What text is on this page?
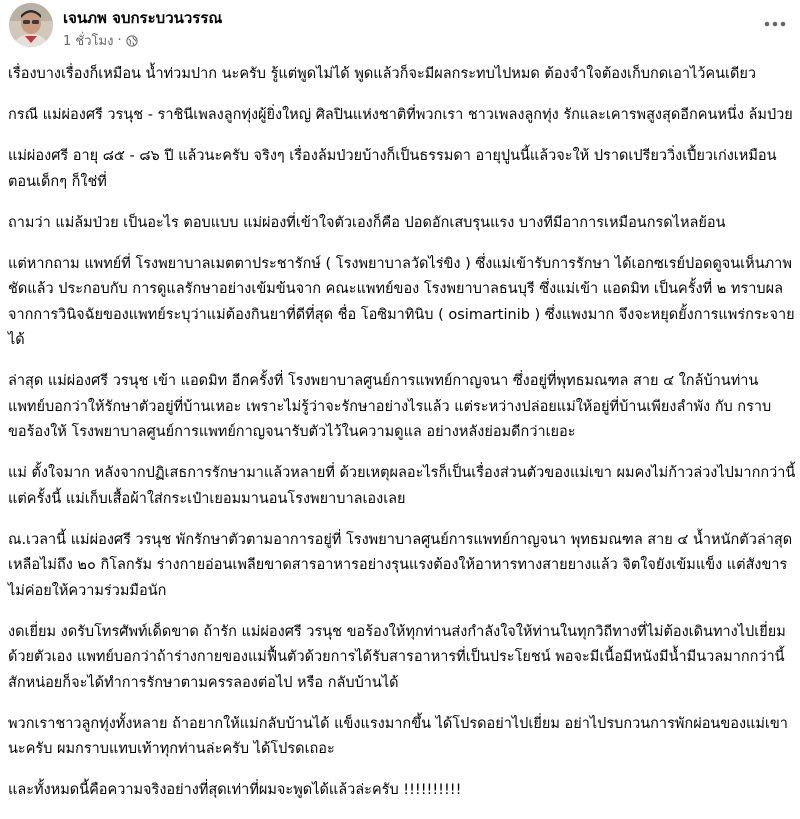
เจนภพ จบกระบวนวรรณ
1 ชั่วโมง ·

เรื่องบางเรื่องก็เหมือน น้ำท่วมปาก นะครับ รู้แต่พูดไม่ได้ พูดแล้วก็จะมีผลกระทบไปหมด ต้องจำใจต้องเก็บกดเอาไว้คนเดียว

กรณี แม่ผ่องศรี วรนุช - ราชินีเพลงลูกทุ่งผู้ยิ่งใหญ่ ศิลปินแห่งชาติที่พวกเรา ชาวเพลงลูกทุ่ง รักและเคารพสูงสุดอีกคนหนึ่ง ล้มป่วย

แม่ผ่องศรี อายุ ๘๕ - ๘๖ ปี แล้วนะครับ จริงๆ เรื่องล้มป่วยบ้างก็เป็นธรรมดา อายุปูนนี้แล้วจะให้ ปราดเปรียววิ่งเปี้ยวเก่งเหมือนตอนเด็กๆ ก็ใช่ที่

ถามว่า แม่ล้มป่วย เป็นอะไร ตอบแบบ แม่ผ่องที่เข้าใจตัวเองก็คือ ปอดอักเสบรุนแรง บางทีมีอาการเหมือนกรดไหลย้อน

แต่หากถาม แพทย์ที่ โรงพยาบาลเมตตาประชารักษ์ ( โรงพยาบาลวัดไร่ขิง ) ซึ่งแม่เข้ารับการรักษา ได้เอกซเรย์ปอดดูจนเห็นภาพชัดแล้ว ประกอบกับ การดูแลรักษาอย่างเข้มข้นจาก คณะแพทย์ของ โรงพยาบาลธนบุรี ซึ่งแม่เข้า แอดมิท เป็นครั้งที่ ๒ ทราบผลจากการวินิจฉัยของแพทย์ระบุว่าแม่ต้องกินยาที่ดีที่สุด ชื่อ โอซิมาทินิบ ( osimartinib ) ซึ่งแพงมาก จึงจะหยุดยั้งการแพร่กระจายได้

ล่าสุด แม่ผ่องศรี วรนุช เข้า แอดมิท อีกครั้งที่ โรงพยาบาลศูนย์การแพทย์กาญจนา ซึ่งอยู่ที่พุทธมณฑล สาย ๔ ใกล้บ้านท่าน แพทย์บอกว่าให้รักษาตัวอยู่ที่บ้านเหอะ เพราะไม่รู้ว่าจะรักษาอย่างไรแล้ว แต่ระหว่างปล่อยแม่ให้อยู่ที่บ้านเพียงลำพัง กับ กราบขอร้องให้ โรงพยาบาลศูนย์การแพทย์กาญจนารับตัวไว้ในความดูแล อย่างหลังย่อมดีกว่าเยอะ

แม่ ตั้งใจมาก หลังจากปฏิเสธการรักษามาแล้วหลายที่ ด้วยเหตุผลอะไรก็เป็นเรื่องส่วนตัวของแม่เขา ผมคงไม่ก้าวล่วงไปมากกว่านี้ แต่ครั้งนี้ แม่เก็บเสื้อผ้าใส่กระเป๋าเยอมมานอนโรงพยาบาลเองเลย

ณ.เวลานี้ แม่ผ่องศรี วรนุช พักรักษาตัวตามอาการอยู่ที่ โรงพยาบาลศูนย์การแพทย์กาญจนา พุทธมณฑล สาย ๔ น้ำหนักตัวล่าสุดเหลือไม่ถึง ๒๐ กิโลกรัม ร่างกายอ่อนเพลียขาดสารอาหารอย่างรุนแรงต้องให้อาหารทางสายยางแล้ว จิตใจยังเข้มแข็ง แต่สังขารไม่ค่อยให้ความร่วมมือนัก

งดเยี่ยม งดรับโทรศัพท์เด็ดขาด ถ้ารัก แม่ผ่องศรี วรนุช ขอร้องให้ทุกท่านส่งกำลังใจให้ท่านในทุกวิถีทางที่ไม่ต้องเดินทางไปเยี่ยมด้วยตัวเอง แพทย์บอกว่าถ้าร่างกายของแม่ฟื้นตัวด้วยการได้รับสารอาหารที่เป็นประโยชน์ พอจะมีเนื้อมีหนังมีน้ำมีนวลมากกว่านี้สักหน่อยก็จะได้ทำการรักษาตามครรลองต่อไป หรือ กลับบ้านได้

พวกเราชาวลูกทุ่งทั้งหลาย ถ้าอยากให้แม่กลับบ้านได้ แข็งแรงมากขึ้น ได้โปรดอย่าไปเยี่ยม อย่าไปรบกวนการพักผ่อนของแม่เขานะครับ ผมกราบแทบเท้าทุกท่านล่ะครับ ได้โปรดเถอะ

และทั้งหมดนี้คือความจริงอย่างที่สุดเท่าที่ผมจะพูดได้แล้วล่ะครับ !!!!!!!!!!
